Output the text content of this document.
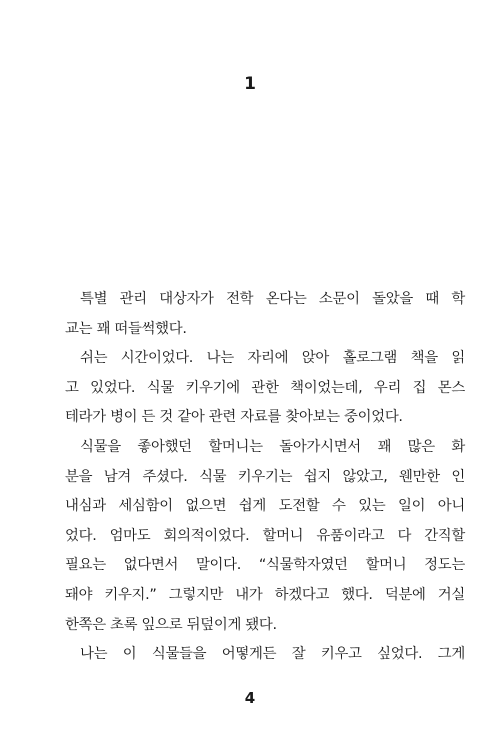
1
특별 관리 대상자가 전학 온다는 소문이 돌았을 때 학
교는 꽤 떠들썩했다.
쉬는 시간이었다. 나는 자리에 앉아 홀로그램 책을 읽
고 있었다. 식물 키우기에 관한 책이었는데, 우리 집 몬스
테라가 병이 든 것 같아 관련 자료를 찾아보는 중이었다.
식물을 좋아했던 할머니는 돌아가시면서 꽤 많은 화
분을 남겨 주셨다. 식물 키우기는 쉽지 않았고, 웬만한 인
내심과 세심함이 없으면 쉽게 도전할 수 있는 일이 아니
었다. 엄마도 회의적이었다. 할머니 유품이라고 다 간직할
필요는 없다면서 말이다. “식물학자였던 할머니 정도는
돼야 키우지.” 그렇지만 내가 하겠다고 했다. 덕분에 거실
한쪽은 초록 잎으로 뒤덮이게 됐다.
나는 이 식물들을 어떻게든 잘 키우고 싶었다. 그게
4
